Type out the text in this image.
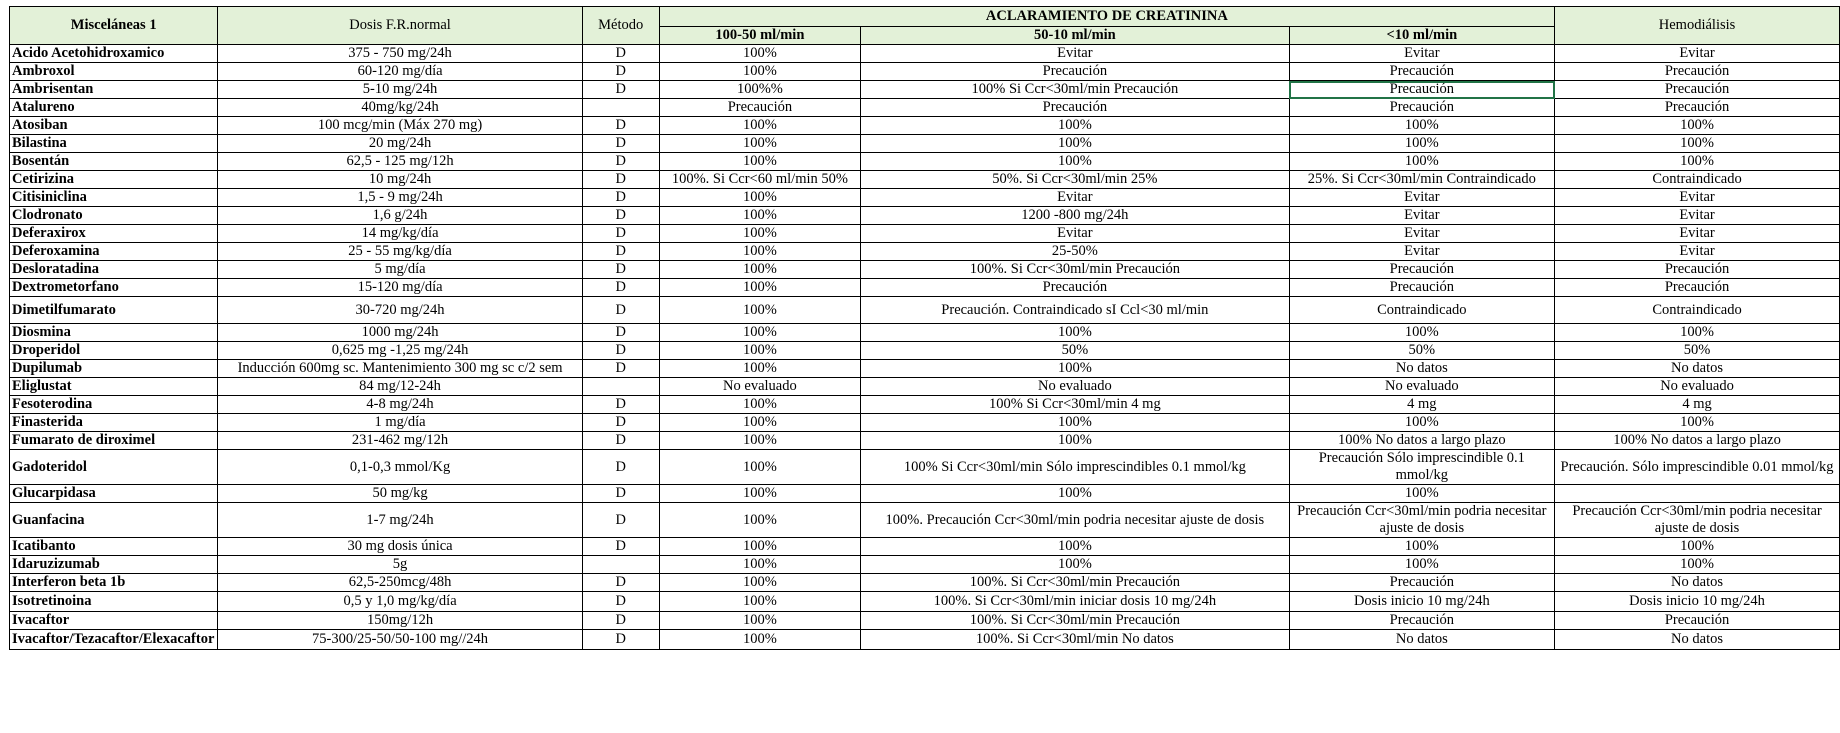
Misceláneas 1	Dosis F.R.normal	Método	ACLARAMIENTO DE CREATININA			Hemodiálisis
			100-50 ml/min	50-10 ml/min	<10 ml/min	
Acido Acetohidroxamico	375 - 750 mg/24h	D	100%	Evitar	Evitar	Evitar
Ambroxol	60-120 mg/día	D	100%	Precaución	Precaución	Precaución
Ambrisentan	5-10 mg/24h	D	100%%	100% Si Ccr<30ml/min Precaución	Precaución	Precaución
Atalureno	40mg/kg/24h		Precaución	Precaución	Precaución	Precaución
Atosiban	100 mcg/min (Máx 270 mg)	D	100%	100%	100%	100%
Bilastina	20 mg/24h	D	100%	100%	100%	100%
Bosentán	62,5 - 125 mg/12h	D	100%	100%	100%	100%
Cetirizina	10 mg/24h	D	100%. Si Ccr<60 ml/min 50%	50%. Si Ccr<30ml/min 25%	25%. Si Ccr<30ml/min Contraindicado	Contraindicado
Citisiniclina	1,5 - 9 mg/24h	D	100%	Evitar	Evitar	Evitar
Clodronato	1,6 g/24h	D	100%	1200 -800 mg/24h	Evitar	Evitar
Deferaxirox	14 mg/kg/día	D	100%	Evitar	Evitar	Evitar
Deferoxamina	25 - 55 mg/kg/día	D	100%	25-50%	Evitar	Evitar
Desloratadina	5 mg/día	D	100%	100%. Si Ccr<30ml/min Precaución	Precaución	Precaución
Dextrometorfano	15-120 mg/día	D	100%	Precaución	Precaución	Precaución
Dimetilfumarato	30-720 mg/24h	D	100%	Precaución. Contraindicado sI Ccl<30 ml/min	Contraindicado	Contraindicado
Diosmina	1000 mg/24h	D	100%	100%	100%	100%
Droperidol	0,625 mg -1,25 mg/24h	D	100%	50%	50%	50%
Dupilumab	Inducción 600mg sc. Mantenimiento 300 mg sc c/2 sem	D	100%	100%	No datos	No datos
Eliglustat	84 mg/12-24h		No evaluado	No evaluado	No evaluado	No evaluado
Fesoterodina	4-8 mg/24h	D	100%	100% Si Ccr<30ml/min 4 mg	4 mg	4 mg
Finasterida	1 mg/día	D	100%	100%	100%	100%
Fumarato de diroximel	231-462 mg/12h	D	100%	100%	100% No datos a largo plazo	100% No datos a largo plazo
Gadoteridol	0,1-0,3 mmol/Kg	D	100%	100% Si Ccr<30ml/min Sólo imprescindibles 0.1 mmol/kg	Precaución Sólo imprescindible 0.1 mmol/kg	Precaución. Sólo imprescindible 0.01 mmol/kg
Glucarpidasa	50 mg/kg	D	100%	100%	100%	
Guanfacina	1-7 mg/24h	D	100%	100%. Precaución Ccr<30ml/min podria necesitar ajuste de dosis	Precaución Ccr<30ml/min podria necesitar ajuste de dosis	Precaución Ccr<30ml/min podria necesitar ajuste de dosis
Icatibanto	30 mg dosis única	D	100%	100%	100%	100%
Idaruzizumab	5g		100%	100%	100%	100%
Interferon beta 1b	62,5-250mcg/48h	D	100%	100%. Si Ccr<30ml/min Precaución	Precaución	No datos
Isotretinoina	0,5 y 1,0 mg/kg/día	D	100%	100%. Si Ccr<30ml/min iniciar dosis 10 mg/24h	Dosis inicio 10 mg/24h	Dosis inicio 10 mg/24h
Ivacaftor	150mg/12h	D	100%	100%. Si Ccr<30ml/min Precaución	Precaución	Precaución
Ivacaftor/Tezacaftor/Elexacaftor	75-300/25-50/50-100 mg//24h	D	100%	100%. Si Ccr<30ml/min No datos	No datos	No datos
